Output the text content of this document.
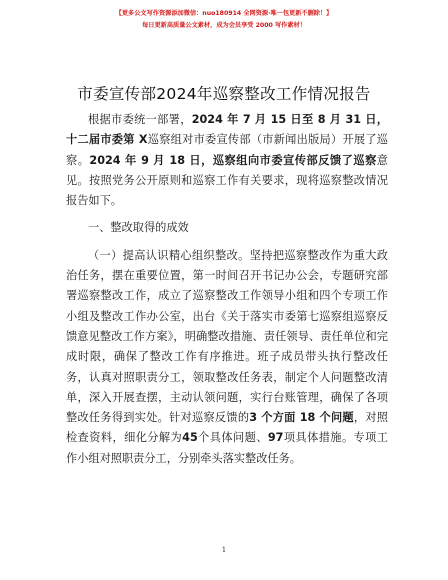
【更多公文写作资源添加微信：nuo180914 全网资源·唯一包更新不删除！】
每日更新高质量公文素材，成为会员享受 2000 写作素材！
市委宣传部2024年巡察整改工作情况报告

根据市委统一部署，2024 年 7 月 15 日至 8 月 31 日，十二届市委第 X巡察组对市委宣传部（市新闻出版局）开展了巡察。2024 年 9 月 18 日，巡察组向市委宣传部反馈了巡察意见。按照党务公开原则和巡察工作有关要求，现将巡察整改情况报告如下。

一、整改取得的成效

（一）提高认识精心组织整改。坚持把巡察整改作为重大政治任务，摆在重要位置，第一时间召开书记办公会，专题研究部署巡察整改工作，成立了巡察整改工作领导小组和四个专项工作小组及整改工作办公室，出台《关于落实市委第七巡察组巡察反馈意见整改工作方案》，明确整改措施、责任领导、责任单位和完成时限，确保了整改工作有序推进。班子成员带头执行整改任务，认真对照职责分工，领取整改任务表，制定个人问题整改清单，深入开展查摆，主动认领问题，实行台账管理，确保了各项整改任务得到实处。针对巡察反馈的3 个方面 18 个问题，对照检查资料，细化分解为45个具体问题、97项具体措施。专项工作小组对照职责分工，分别牵头落实整改任务。

1
